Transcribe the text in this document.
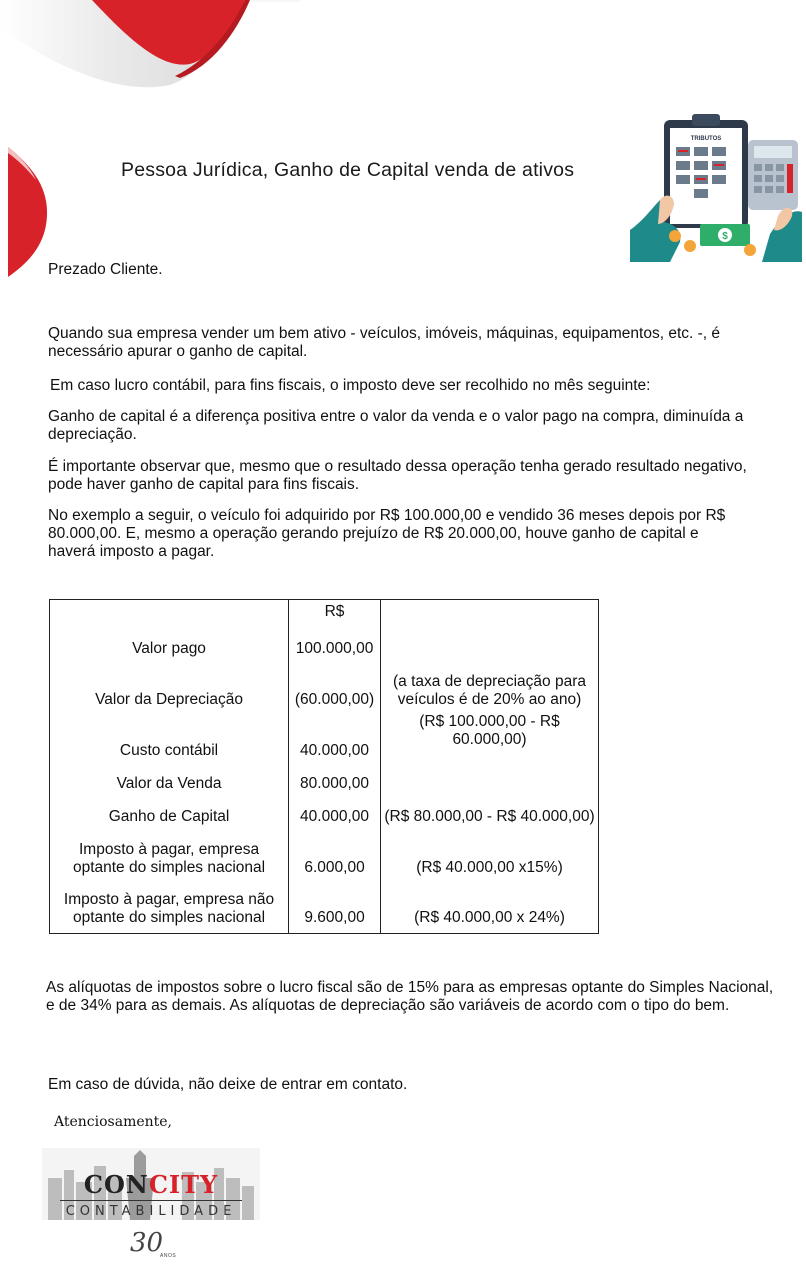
Pessoa Jurídica, Ganho de Capital venda de ativos
TRIBUTOS
$

Prezado Cliente.

Quando sua empresa vender um bem ativo - veículos, imóveis, máquinas, equipamentos, etc. -, é necessário apurar o ganho de capital.

Em caso lucro contábil, para fins fiscais, o imposto deve ser recolhido no mês seguinte:

Ganho de capital é a diferença positiva entre o valor da venda e o valor pago na compra, diminuída a depreciação.

É importante observar que, mesmo que o resultado dessa operação tenha gerado resultado negativo, pode haver ganho de capital para fins fiscais.

No exemplo a seguir, o veículo foi adquirido por R$ 100.000,00 e vendido 36 meses depois por R$ 80.000,00. E, mesmo a operação gerando prejuízo de R$ 20.000,00, houve ganho de capital e haverá imposto a pagar.

	R$	
Valor pago	100.000,00	
Valor da Depreciação	(60.000,00)	(a taxa de depreciação para veículos é de 20% ao ano)
Custo contábil	40.000,00	(R$ 100.000,00 - R$ 60.000,00)
Valor da Venda	80.000,00	
Ganho de Capital	40.000,00	(R$ 80.000,00 - R$ 40.000,00)
Imposto à pagar, empresa optante do simples nacional	6.000,00	(R$ 40.000,00 x15%)
Imposto à pagar, empresa não optante do simples nacional	9.600,00	(R$ 40.000,00 x 24%)

As alíquotas de impostos sobre o lucro fiscal são de 15% para as empresas optante do Simples Nacional, e de 34% para as demais. As alíquotas de depreciação são variáveis de acordo com o tipo do bem.

Em caso de dúvida, não deixe de entrar em contato.

Atenciosamente,
CONCITY
CONTABILIDADE
30
ANOS
